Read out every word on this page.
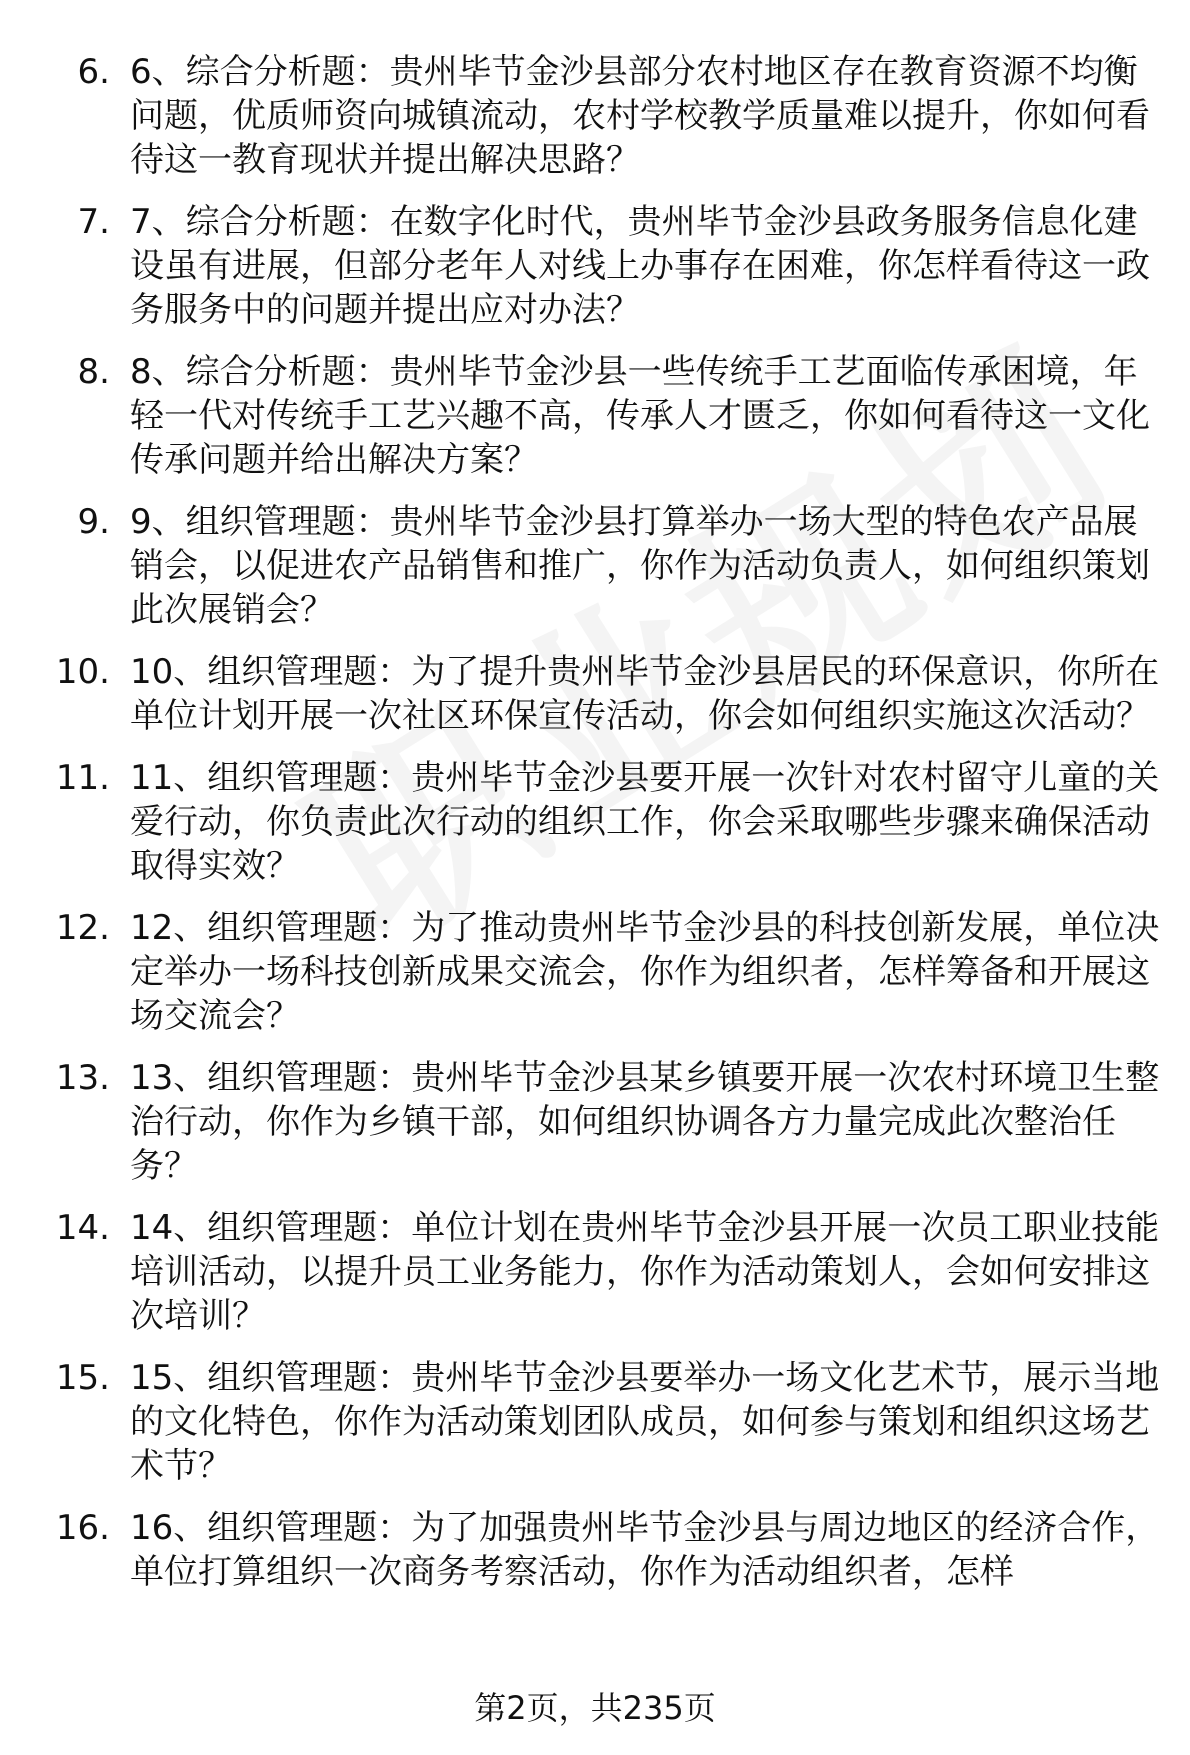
6. 6、综合分析题：贵州毕节金沙县部分农村地区存在教育资源不均衡问题，优质师资向城镇流动，农村学校教学质量难以提升，你如何看待这一教育现状并提出解决思路？
7. 7、综合分析题：在数字化时代，贵州毕节金沙县政务服务信息化建设虽有进展，但部分老年人对线上办事存在困难，你怎样看待这一政务服务中的问题并提出应对办法？
8. 8、综合分析题：贵州毕节金沙县一些传统手工艺面临传承困境，年轻一代对传统手工艺兴趣不高，传承人才匮乏，你如何看待这一文化传承问题并给出解决方案？
9. 9、组织管理题：贵州毕节金沙县打算举办一场大型的特色农产品展销会，以促进农产品销售和推广，你作为活动负责人，如何组织策划此次展销会？
10. 10、组织管理题：为了提升贵州毕节金沙县居民的环保意识，你所在单位计划开展一次社区环保宣传活动，你会如何组织实施这次活动？
11. 11、组织管理题：贵州毕节金沙县要开展一次针对农村留守儿童的关爱行动，你负责此次行动的组织工作，你会采取哪些步骤来确保活动取得实效？
12. 12、组织管理题：为了推动贵州毕节金沙县的科技创新发展，单位决定举办一场科技创新成果交流会，你作为组织者，怎样筹备和开展这场交流会？
13. 13、组织管理题：贵州毕节金沙县某乡镇要开展一次农村环境卫生整治行动，你作为乡镇干部，如何组织协调各方力量完成此次整治任务？
14. 14、组织管理题：单位计划在贵州毕节金沙县开展一次员工职业技能培训活动，以提升员工业务能力，你作为活动策划人，会如何安排这次培训？
15. 15、组织管理题：贵州毕节金沙县要举办一场文化艺术节，展示当地的文化特色，你作为活动策划团队成员，如何参与策划和组织这场艺术节？
16. 16、组织管理题：为了加强贵州毕节金沙县与周边地区的经济合作，单位打算组织一次商务考察活动，你作为活动组织者，怎样
第2页，共235页
